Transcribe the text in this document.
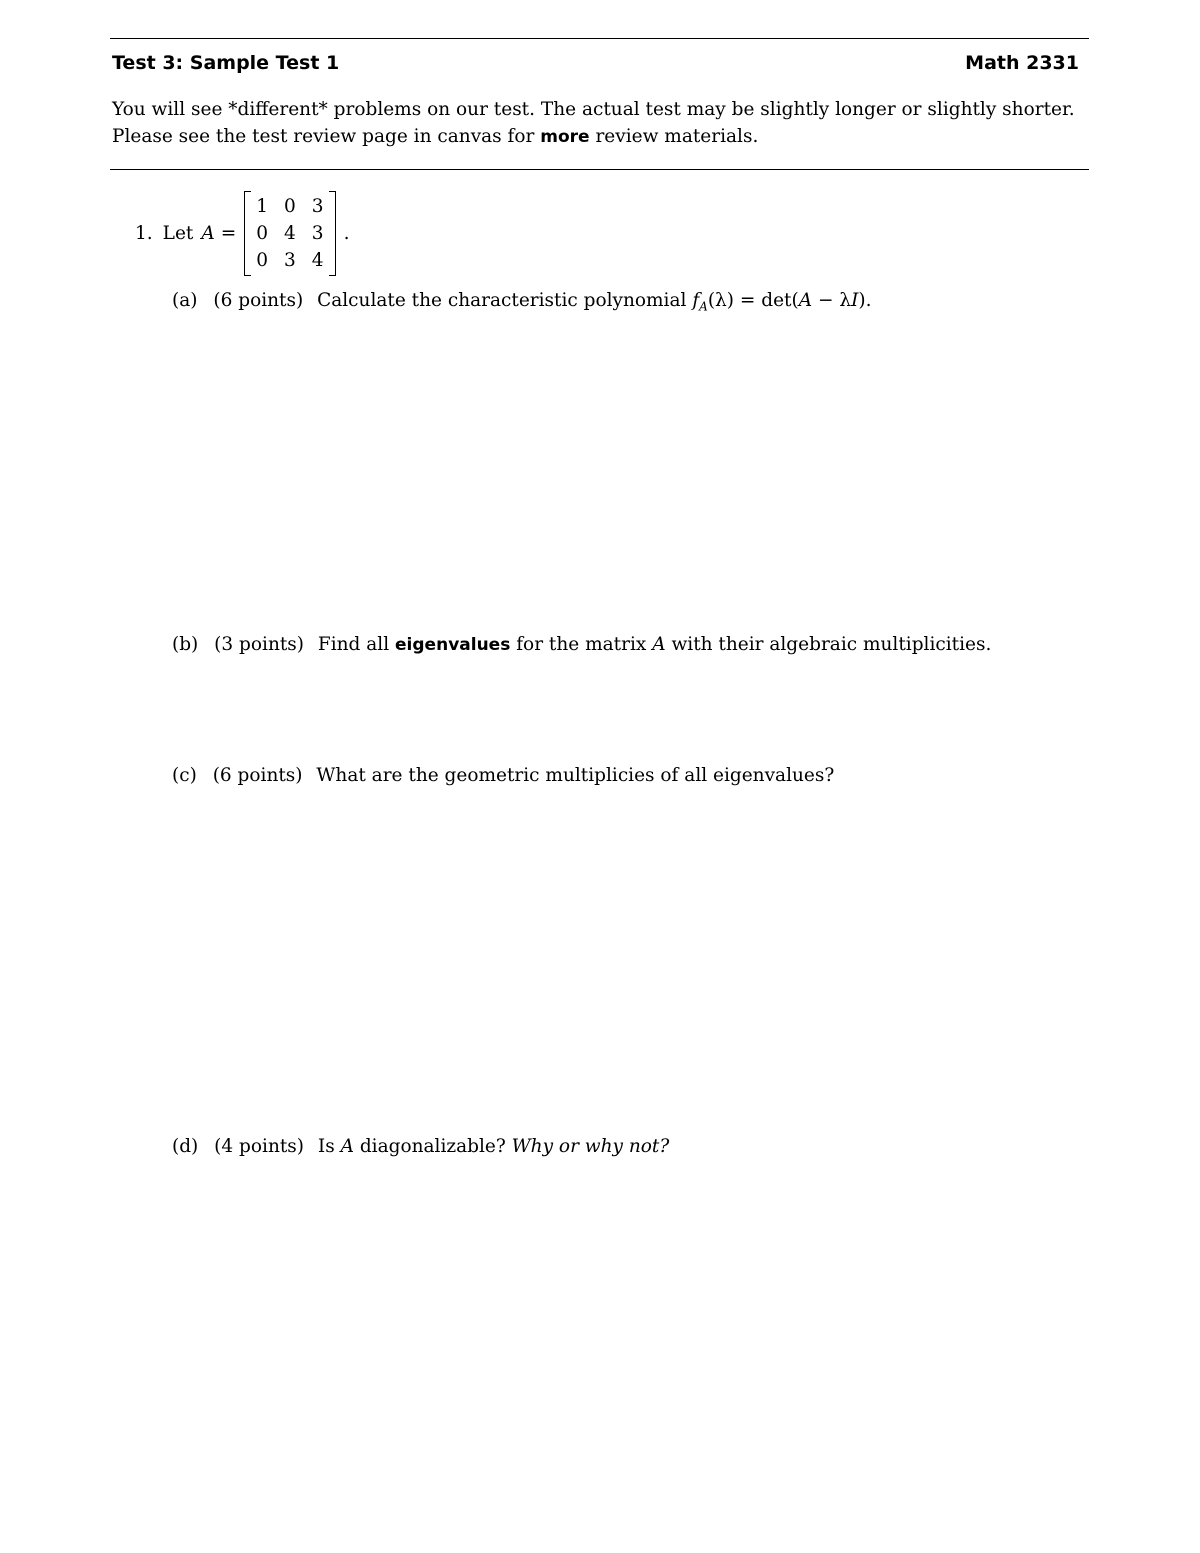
Test 3: Sample Test 1	Math 2331

You will see *different* problems on our test. The actual test may be slightly longer or slightly shorter.

Please see the test review page in canvas for more review materials.

1. Let A =
1	0	3
0	4	3
0	3	4
.
(a) (6 points) Calculate the characteristic polynomial $f_A(\lambda) = \det(A - \lambda I)$.
(b) (3 points) Find all eigenvalues for the matrix A with their algebraic multiplicities.
(c) (6 points) What are the geometric multiplicies of all eigenvalues?
(d) (4 points) Is A diagonalizable? Why or why not?
